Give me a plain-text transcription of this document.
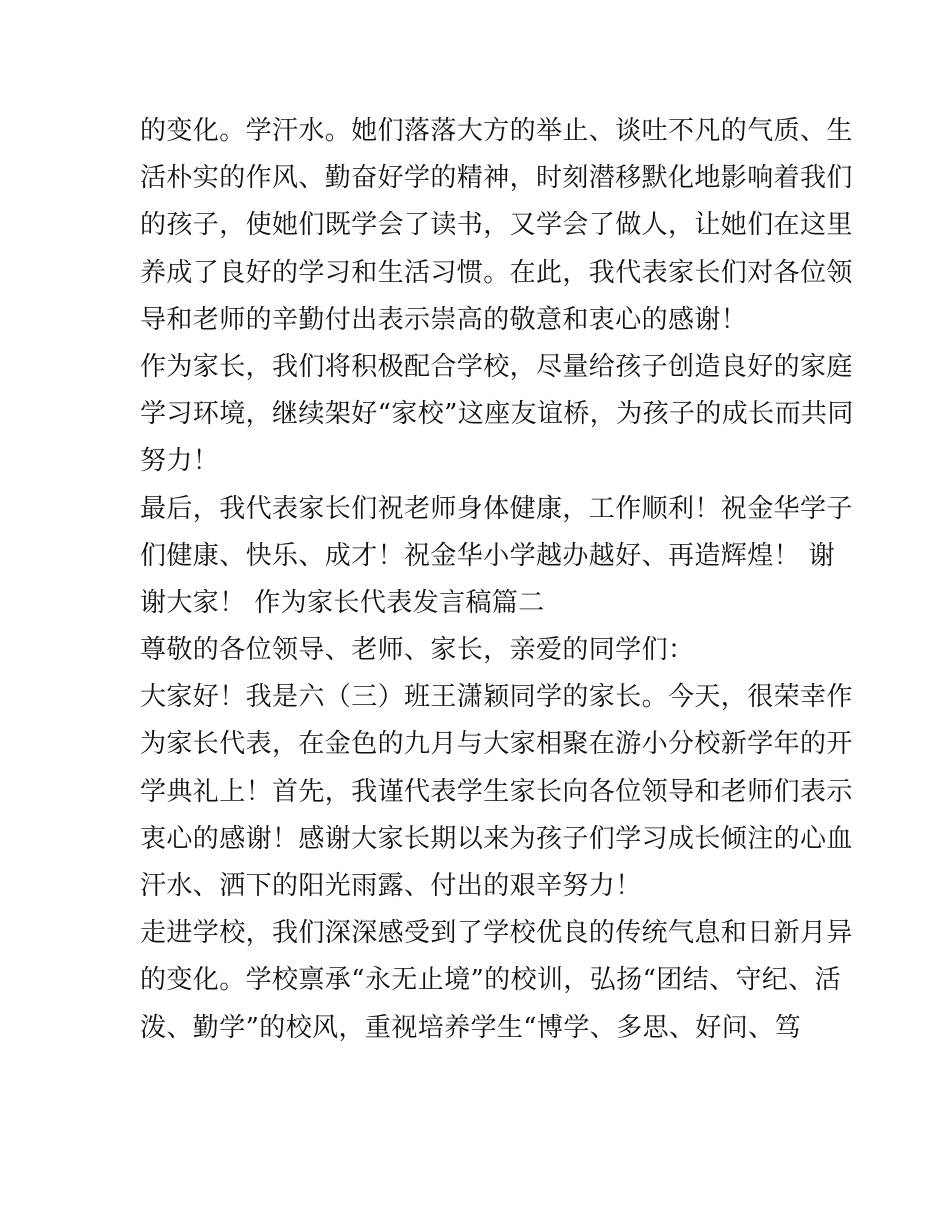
的变化。学汗水。她们落落大方的举止、谈吐不凡的气质、生
活朴实的作风、勤奋好学的精神，时刻潜移默化地影响着我们
的孩子，使她们既学会了读书，又学会了做人，让她们在这里
养成了良好的学习和生活习惯。在此，我代表家长们对各位领
导和老师的辛勤付出表示崇高的敬意和衷心的感谢！
作为家长，我们将积极配合学校，尽量给孩子创造良好的家庭
学习环境，继续架好“家校”这座友谊桥，为孩子的成长而共同
努力！
最后，我代表家长们祝老师身体健康，工作顺利！祝金华学子
们健康、快乐、成才！祝金华小学越办越好、再造辉煌！ 谢
谢大家！ 作为家长代表发言稿篇二
尊敬的各位领导、老师、家长，亲爱的同学们：
大家好！我是六（三）班王潇颖同学的家长。今天，很荣幸作
为家长代表，在金色的九月与大家相聚在游小分校新学年的开
学典礼上！首先，我谨代表学生家长向各位领导和老师们表示
衷心的感谢！感谢大家长期以来为孩子们学习成长倾注的心血
汗水、洒下的阳光雨露、付出的艰辛努力！
走进学校，我们深深感受到了学校优良的传统气息和日新月异
的变化。学校禀承“永无止境”的校训，弘扬“团结、守纪、活
泼、勤学”的校风，重视培养学生“博学、多思、好问、笃
